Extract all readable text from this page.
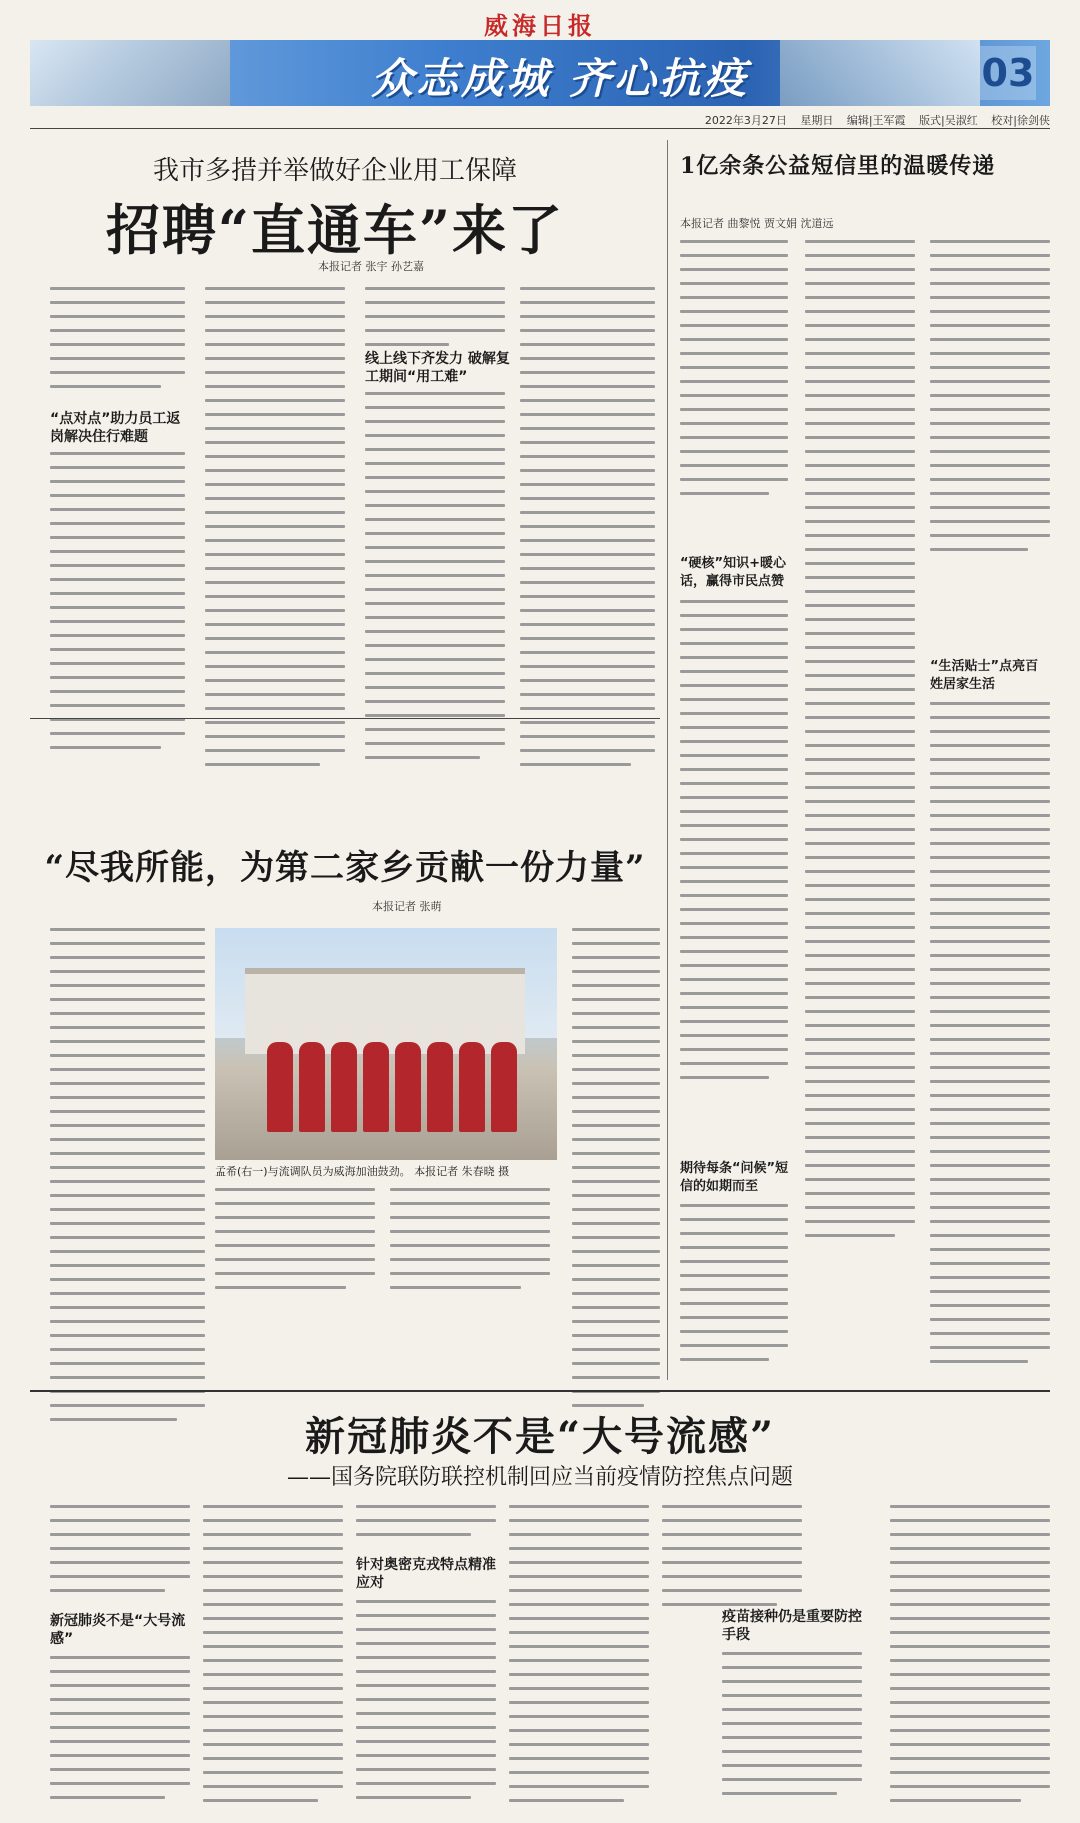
威海日报
众志成城 齐心抗疫	03
2022年3月27日 星期日 编辑|王军霞 版式|吴淑红 校对|徐剑侠
我市多措并举做好企业用工保障
招聘“直通车”来了
本报记者 张宇 孙艺嘉
“点对点”助力员工返岗解决住行难题
线上线下齐发力 破解复工期间“用工难”
1亿余条公益短信里的温暖传递
本报记者 曲黎悦 贾文娟 沈道远
“硬核”知识+暖心话，赢得市民点赞
期待每条“问候”短信的如期而至
“生活贴士”点亮百姓居家生活
“尽我所能，为第二家乡贡献一份力量”
本报记者 张萌
孟希(右一)与流调队员为威海加油鼓劲。 本报记者 朱春晓 摄
新冠肺炎不是“大号流感”
——国务院联防联控机制回应当前疫情防控焦点问题
新冠肺炎不是“大号流感”
针对奥密克戎特点精准应对
疫苗接种仍是重要防控手段
